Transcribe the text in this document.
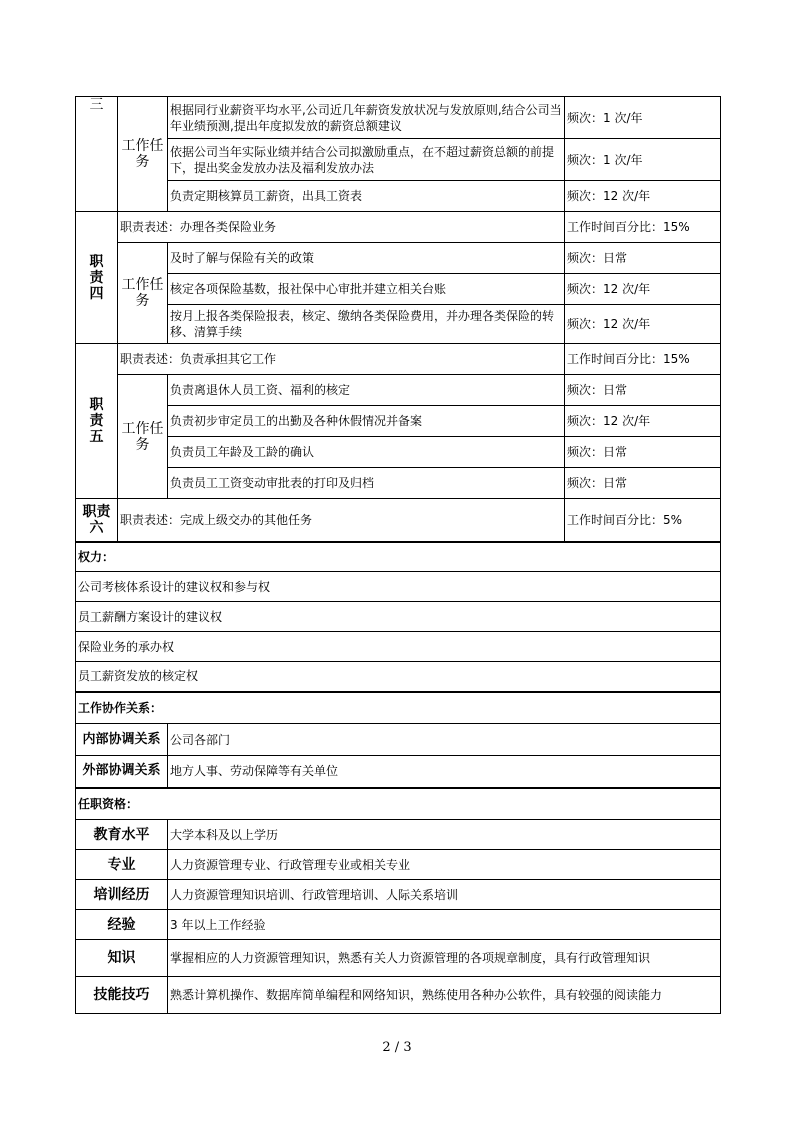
三	工作任务	根据同行业薪资平均水平,公司近几年薪资发放状况与发放原则,结合公司当年业绩预测,提出年度拟发放的薪资总额建议	频次：1 次/年
		依据公司当年实际业绩并结合公司拟激励重点，在不超过薪资总额的前提下，提出奖金发放办法及福利发放办法	频次：1 次/年
		负责定期核算员工薪资，出具工资表	频次：12 次/年
职责四	职责表述：办理各类保险业务		工作时间百分比：15%
	工作任务	及时了解与保险有关的政策	频次：日常
		核定各项保险基数，报社保中心审批并建立相关台账	频次：12 次/年
		按月上报各类保险报表，核定、缴纳各类保险费用，并办理各类保险的转移、清算手续	频次：12 次/年
职责五	职责表述：负责承担其它工作		工作时间百分比：15%
	工作任务	负责离退休人员工资、福利的核定	频次：日常
		负责初步审定员工的出勤及各种休假情况并备案	频次：12 次/年
		负责员工年龄及工龄的确认	频次：日常
		负责员工工资变动审批表的打印及归档	频次：日常
职责六	职责表述：完成上级交办的其他任务		工作时间百分比：5%
权力：			
公司考核体系设计的建议权和参与权			
员工薪酬方案设计的建议权			
保险业务的承办权			
员工薪资发放的核定权			
工作协作关系：			
内部协调关系		公司各部门	
外部协调关系		地方人事、劳动保障等有关单位	
任职资格：			
教育水平		大学本科及以上学历	
专业		人力资源管理专业、行政管理专业或相关专业	
培训经历		人力资源管理知识培训、行政管理培训、人际关系培训	
经验		3 年以上工作经验	
知识		掌握相应的人力资源管理知识，熟悉有关人力资源管理的各项规章制度，具有行政管理知识	
技能技巧		熟悉计算机操作、数据库简单编程和网络知识，熟练使用各种办公软件，具有较强的阅读能力	
2 / 3
